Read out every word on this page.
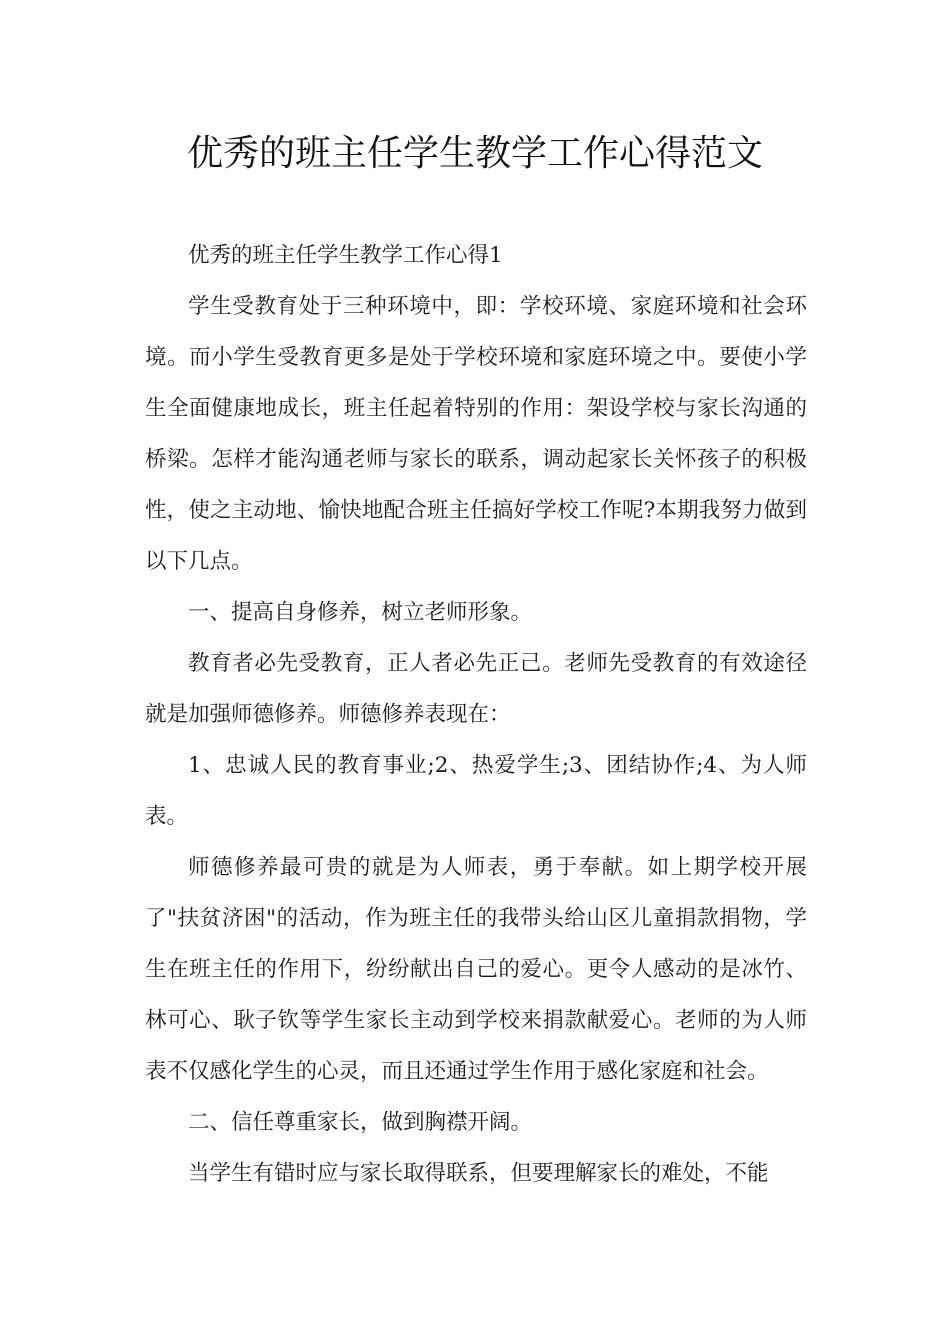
优秀的班主任学生教学工作心得范文

优秀的班主任学生教学工作心得1

学生受教育处于三种环境中，即：学校环境、家庭环境和社会环境。而小学生受教育更多是处于学校环境和家庭环境之中。要使小学生全面健康地成长，班主任起着特别的作用：架设学校与家长沟通的桥梁。怎样才能沟通老师与家长的联系，调动起家长关怀孩子的积极性，使之主动地、愉快地配合班主任搞好学校工作呢?本期我努力做到以下几点。

一、提高自身修养，树立老师形象。

教育者必先受教育，正人者必先正己。老师先受教育的有效途径就是加强师德修养。师德修养表现在：

1、忠诚人民的教育事业;2、热爱学生;3、团结协作;4、为人师表。

师德修养最可贵的就是为人师表，勇于奉献。如上期学校开展了"扶贫济困"的活动，作为班主任的我带头给山区儿童捐款捐物，学生在班主任的作用下，纷纷献出自己的爱心。更令人感动的是冰竹、林可心、耿子钦等学生家长主动到学校来捐款献爱心。老师的为人师表不仅感化学生的心灵，而且还通过学生作用于感化家庭和社会。

二、信任尊重家长，做到胸襟开阔。

当学生有错时应与家长取得联系，但要理解家长的难处，不能
